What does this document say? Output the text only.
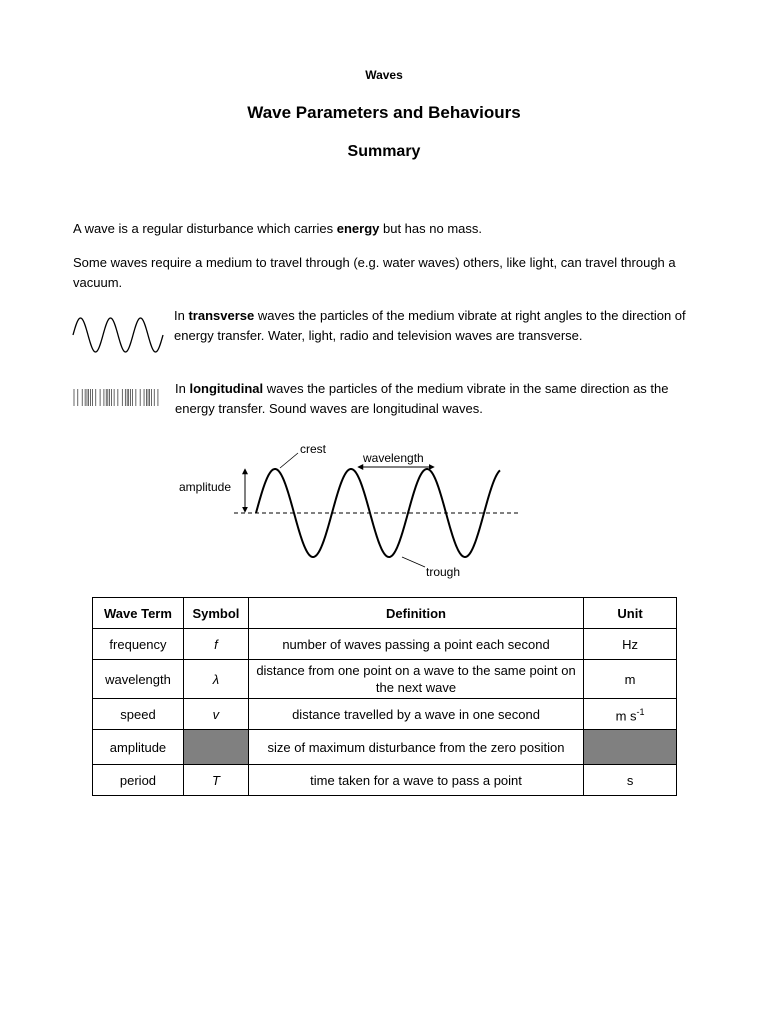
Waves
Wave Parameters and Behaviours
Summary
A wave is a regular disturbance which carries energy but has no mass.
Some waves require a medium to travel through (e.g. water waves) others, like light, can travel through a vacuum.
In transverse waves the particles of the medium vibrate at right angles to the direction of energy transfer. Water, light, radio and television waves are transverse.
In longitudinal waves the particles of the medium vibrate in the same direction as the energy transfer. Sound waves are longitudinal waves.
crest
wavelength
amplitude
trough
Wave Term	Symbol	Definition	Unit
frequency	f	number of waves passing a point each second	Hz
wavelength	λ	distance from one point on a wave to the same point on the next wave	m
speed	v	distance travelled by a wave in one second	m $s^{-1}$
amplitude		size of maximum disturbance from the zero position	
period	T	time taken for a wave to pass a point	s
